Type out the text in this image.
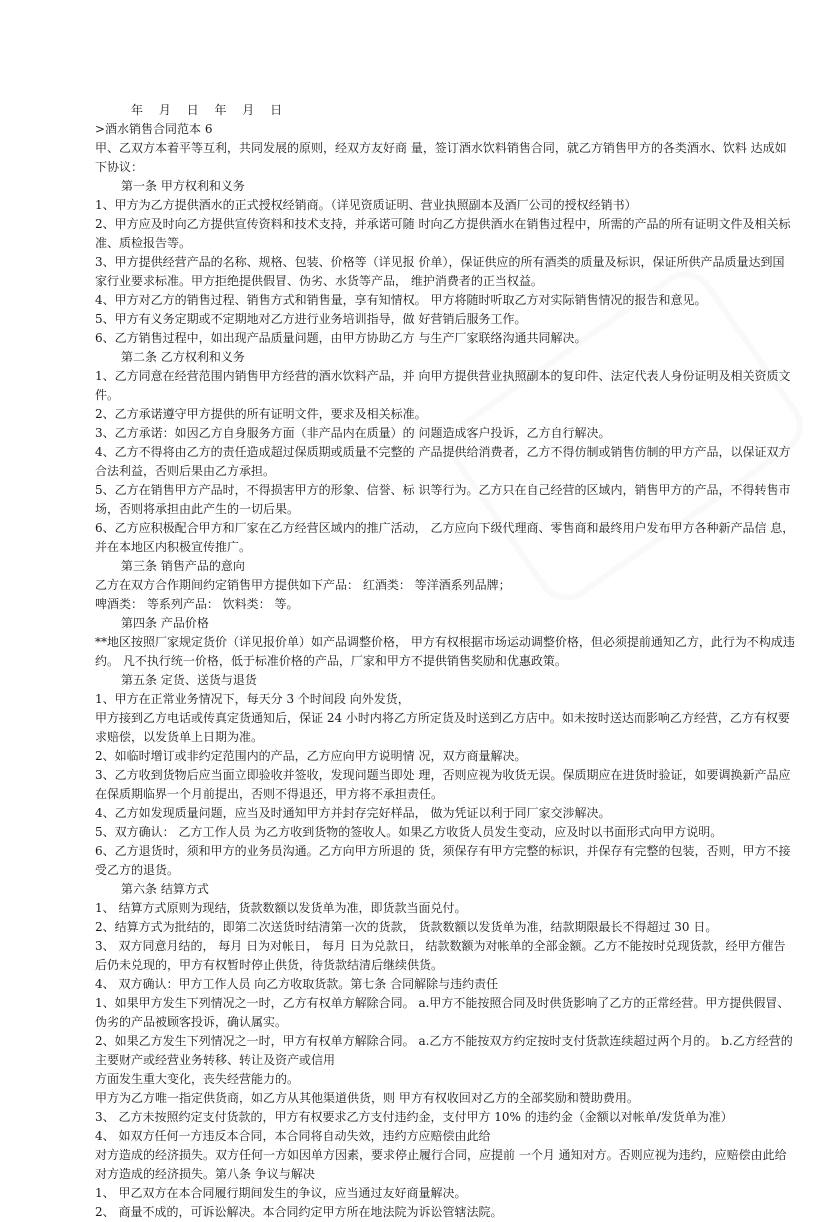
年　 月　 日　 年　 月　 日

>酒水销售合同范本 6

甲、乙双方本着平等互利，共同发展的原则，经双方友好商 量，签订酒水饮料销售合同，就乙方销售甲方的各类酒水、饮料 达成如下协议：

第一条 甲方权利和义务

1、甲方为乙方提供酒水的正式授权经销商。（详见资质证明、营业执照副本及酒厂公司的授权经销书）

2、甲方应及时向乙方提供宣传资料和技术支持，并承诺可随 时向乙方提供酒水在销售过程中，所需的产品的所有证明文件及相关标准、质检报告等。

3、甲方提供经营产品的名称、规格、包装、价格等（详见报 价单），保证供应的所有酒类的质量及标识，保证所供产品质量达到国家行业要求标准。甲方拒绝提供假冒、伪劣、水货等产品， 维护消费者的正当权益。

4、甲方对乙方的销售过程、销售方式和销售量，享有知情权。 甲方将随时听取乙方对实际销售情况的报告和意见。

5、甲方有义务定期或不定期地对乙方进行业务培训指导，做 好营销后服务工作。

6、乙方销售过程中，如出现产品质量问题，由甲方协助乙方 与生产厂家联络沟通共同解决。

第二条 乙方权利和义务

1、乙方同意在经营范围内销售甲方经营的酒水饮料产品，并 向甲方提供营业执照副本的复印件、法定代表人身份证明及相关资质文件。

2、乙方承诺遵守甲方提供的所有证明文件，要求及相关标准。

3、乙方承诺：如因乙方自身服务方面（非产品内在质量）的 问题造成客户投诉，乙方自行解决。

4、乙方不得将由乙方的责任造成超过保质期或质量不完整的 产品提供给消费者，乙方不得仿制或销售仿制的甲方产品，以保证双方合法利益，否则后果由乙方承担。

5、乙方在销售甲方产品时，不得损害甲方的形象、信誉、标 识等行为。乙方只在自己经营的区域内，销售甲方的产品，不得转售市场，否则将承担由此产生的一切后果。

6、乙方应积极配合甲方和厂家在乙方经营区域内的推广活动， 乙方应向下级代理商、零售商和最终用户发布甲方各种新产品信 息，并在本地区内积极宣传推广。

第三条 销售产品的意向

乙方在双方合作期间约定销售甲方提供如下产品： 红酒类： 等洋酒系列品牌；

啤酒类： 等系列产品： 饮料类： 等。

第四条 产品价格

**地区按照厂家规定货价（详见报价单）如产品调整价格， 甲方有权根据市场运动调整价格，但必须提前通知乙方，此行为不构成违约。 凡不执行统一价格，低于标准价格的产品，厂家和甲方不提供销售奖励和优惠政策。

第五条 定货、送货与退货

1、甲方在正常业务情况下，每天分 3 个时间段 向外发货，

甲方接到乙方电话或传真定货通知后，保证 24 小时内将乙方所定货及时送到乙方店中。如未按时送达而影响乙方经营，乙方有权要求赔偿，以发货单上日期为准。

2、如临时增订或非约定范围内的产品，乙方应向甲方说明情 况，双方商量解决。

3、乙方收到货物后应当面立即验收并签收，发现问题当即处 理，否则应视为收货无误。保质期应在进货时验证，如要调换新产品应在保质期临界一个月前提出，否则不得退还，甲方将不承担责任。

4、乙方如发现质量问题，应当及时通知甲方并封存完好样品， 做为凭证以利于同厂家交涉解决。

5、双方确认： 乙方工作人员 为乙方收到货物的签收人。如果乙方收货人员发生变动，应及时以书面形式向甲方说明。

6、乙方退货时，须和甲方的业务员沟通。乙方向甲方所退的 货，须保存有甲方完整的标识，并保存有完整的包装，否则，甲方不接受乙方的退货。

第六条 结算方式

1、 结算方式原则为现结，货款数额以发货单为准，即货款当面兑付。

2、结算方式为批结的，即第二次送货时结清第一次的货款， 货款数额以发货单为准，结款期限最长不得超过 30 日。

3、 双方同意月结的， 每月 日为对帐日， 每月 日为兑款日， 结款数额为对帐单的全部金额。乙方不能按时兑现货款，经甲方催告后仍未兑现的，甲方有权暂时停止供货，待货款结清后继续供货。

4、 双方确认：甲方工作人员 向乙方收取货款。第七条 合同解除与违约责任

1、如果甲方发生下列情况之一时，乙方有权单方解除合同。 a.甲方不能按照合同及时供货影响了乙方的正常经营。甲方提供假冒、伪劣的产品被顾客投诉，确认属实。

2、如果乙方发生下列情况之一时，甲方有权单方解除合同。 a.乙方不能按双方约定按时支付货款连续超过两个月的。 b.乙方经营的主要财产或经营业务转移、转让及资产或信用

方面发生重大变化，丧失经营能力的。

甲方为乙方唯一指定供货商，如乙方从其他渠道供货，则 甲方有权收回对乙方的全部奖励和赞助费用。

3、 乙方未按照约定支付货款的，甲方有权要求乙方支付违约金，支付甲方 10% 的违约金（金额以对帐单/发货单为准）

4、 如双方任何一方违反本合同，本合同将自动失效，违约方应赔偿由此给

对方造成的经济损失。双方任何一方如因单方因素，要求停止履行合同，应提前 一个月 通知对方。否则应视为违约，应赔偿由此给对方造成的经济损失。第八条 争议与解决

1、 甲乙双方在本合同履行期间发生的争议，应当通过友好商量解决。

2、 商量不成的，可诉讼解决。本合同约定甲方所在地法院为诉讼管辖法院。
